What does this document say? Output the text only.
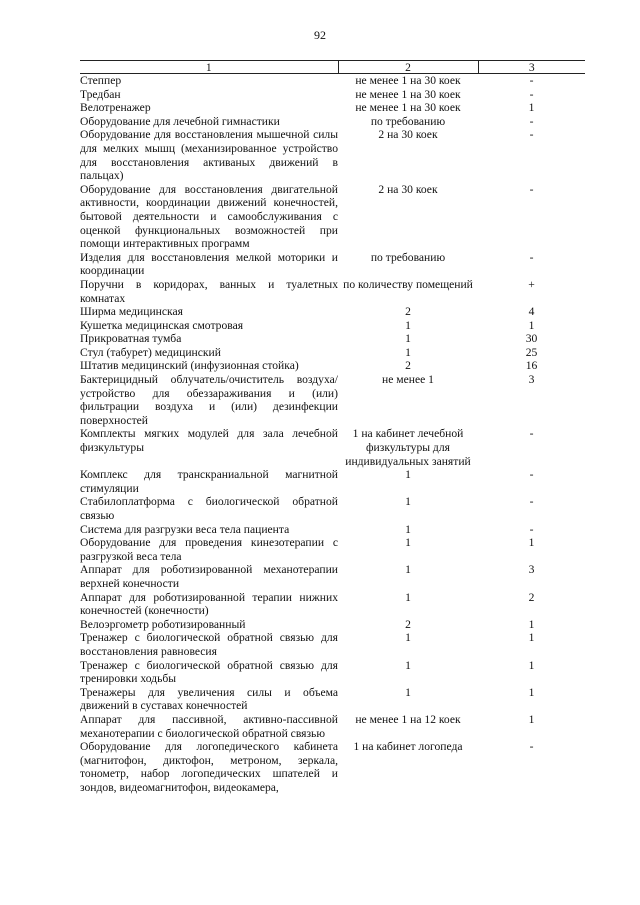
92
1	2	3
Степпер	не менее 1 на 30 коек	-
Тредбан	не менее 1 на 30 коек	-
Велотренажер	не менее 1 на 30 коек	1
Оборудование для лечебной гимнастики	по требованию	-
Оборудование для восстановления мышечной силы для мелких мышц (механизированное устройство для восстановления активаных движений в пальцах)	2 на 30 коек	-
Оборудование для восстановления двигательной активности, координации движений конечностей, бытовой деятельности и самообслуживания с оценкой функциональных возможностей при помощи интерактивных программ	2 на 30 коек	-
Изделия для восстановления мелкой моторики и координации	по требованию	-
Поручни в коридорах, ванных и туалетных комнатах	по количеству помещений	+
Ширма медицинская	2	4
Кушетка медицинская смотровая	1	1
Прикроватная тумба	1	30
Стул (табурет) медицинский	1	25
Штатив медицинский (инфузионная стойка)	2	16
Бактерицидный облучатель/очиститель воздуха/устройство для обеззараживания и (или) фильтрации воздуха и (или) дезинфекции поверхностей	не менее 1	3
Комплекты мягких модулей для зала лечебной физкультуры	1 на кабинет лечебной физкультуры для индивидуальных занятий	-
Комплекс для транскраниальной магнитной стимуляции	1	-
Стабилоплатформа с биологической обратной связью	1	-
Система для разгрузки веса тела пациента	1	-
Оборудование для проведения кинезотерапии с разгрузкой веса тела	1	1
Аппарат для роботизированной механотерапии верхней конечности	1	3
Аппарат для роботизированной терапии нижних конечностей (конечности)	1	2
Велоэргометр роботизированный	2	1
Тренажер с биологической обратной связью для восстановления равновесия	1	1
Тренажер с биологической обратной связью для тренировки ходьбы	1	1
Тренажеры для увеличения силы и объема движений в суставах конечностей	1	1
Аппарат для пассивной, активно-пассивной механотерапии с биологической обратной связью	не менее 1 на 12 коек	1
Оборудование для логопедического кабинета (магнитофон, диктофон, метроном, зеркала, тонометр, набор логопедических шпателей и зондов, видеомагнитофон, видеокамера,	1 на кабинет логопеда	-
